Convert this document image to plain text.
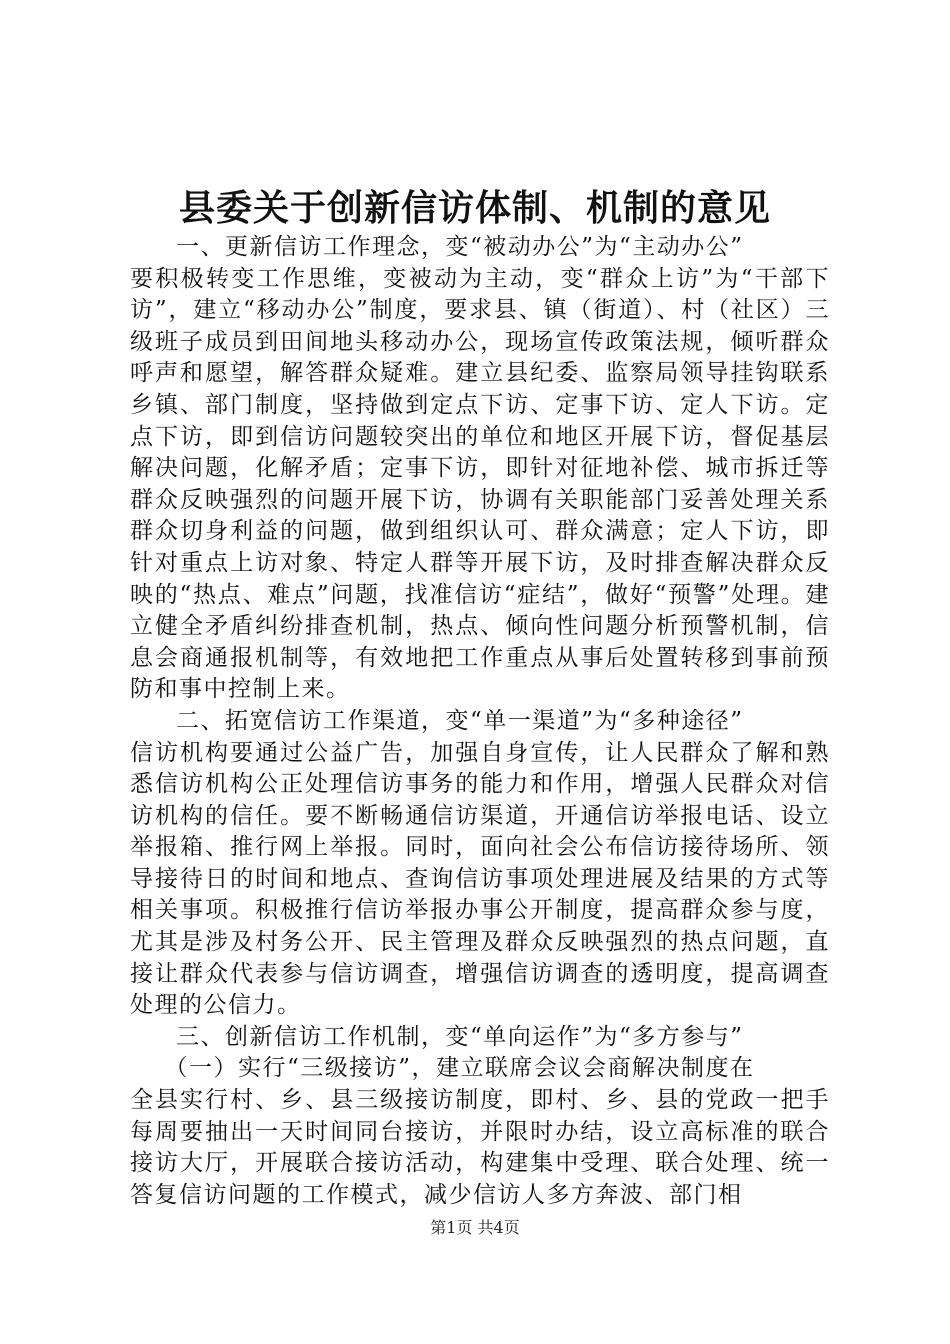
县委关于创新信访体制、机制的意见

一、更新信访工作理念，变“被动办公”为“主动办公”

要积极转变工作思维，变被动为主动，变“群众上访”为“干部下访”，建立“移动办公”制度，要求县、镇（街道）、村（社区）三级班子成员到田间地头移动办公，现场宣传政策法规，倾听群众呼声和愿望，解答群众疑难。建立县纪委、监察局领导挂钩联系乡镇、部门制度，坚持做到定点下访、定事下访、定人下访。定点下访，即到信访问题较突出的单位和地区开展下访，督促基层解决问题，化解矛盾；定事下访，即针对征地补偿、城市拆迁等群众反映强烈的问题开展下访，协调有关职能部门妥善处理关系群众切身利益的问题，做到组织认可、群众满意；定人下访，即针对重点上访对象、特定人群等开展下访，及时排查解决群众反映的“热点、难点”问题，找准信访“症结”，做好“预警”处理。建立健全矛盾纠纷排查机制，热点、倾向性问题分析预警机制，信息会商通报机制等，有效地把工作重点从事后处置转移到事前预防和事中控制上来。

二、拓宽信访工作渠道，变“单一渠道”为“多种途径”

信访机构要通过公益广告，加强自身宣传，让人民群众了解和熟悉信访机构公正处理信访事务的能力和作用，增强人民群众对信访机构的信任。要不断畅通信访渠道，开通信访举报电话、设立举报箱、推行网上举报。同时，面向社会公布信访接待场所、领导接待日的时间和地点、查询信访事项处理进展及结果的方式等相关事项。积极推行信访举报办事公开制度，提高群众参与度，尤其是涉及村务公开、民主管理及群众反映强烈的热点问题，直接让群众代表参与信访调查，增强信访调查的透明度，提高调查处理的公信力。

三、创新信访工作机制，变“单向运作”为“多方参与”

（一）实行“三级接访”，建立联席会议会商解决制度在

全县实行村、乡、县三级接访制度，即村、乡、县的党政一把手每周要抽出一天时间同台接访，并限时办结，设立高标准的联合接访大厅，开展联合接访活动，构建集中受理、联合处理、统一答复信访问题的工作模式，减少信访人多方奔波、部门相

第1页 共4页
